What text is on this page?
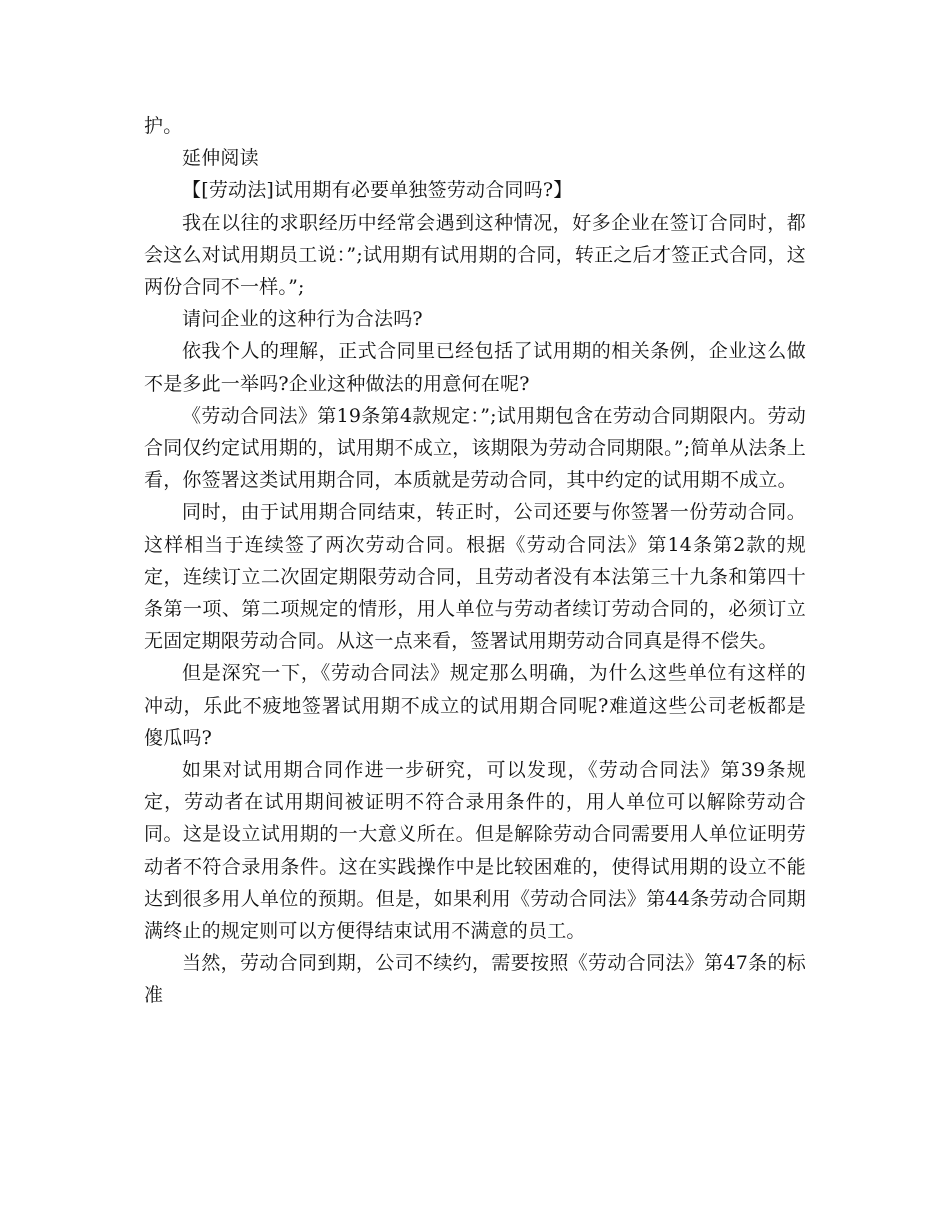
护。

延伸阅读

【[劳动法]试用期有必要单独签劳动合同吗?】

我在以往的求职经历中经常会遇到这种情况，好多企业在签订合同时，都会这么对试用期员工说：”;试用期有试用期的合同，转正之后才签正式合同，这两份合同不一样。”;

请问企业的这种行为合法吗?

依我个人的理解，正式合同里已经包括了试用期的相关条例，企业这么做不是多此一举吗?企业这种做法的用意何在呢?

《劳动合同法》第19条第4款规定：”;试用期包含在劳动合同期限内。劳动合同仅约定试用期的，试用期不成立，该期限为劳动合同期限。”;简单从法条上看，你签署这类试用期合同，本质就是劳动合同，其中约定的试用期不成立。

同时，由于试用期合同结束，转正时，公司还要与你签署一份劳动合同。这样相当于连续签了两次劳动合同。根据《劳动合同法》第14条第2款的规定，连续订立二次固定期限劳动合同，且劳动者没有本法第三十九条和第四十条第一项、第二项规定的情形，用人单位与劳动者续订劳动合同的，必须订立无固定期限劳动合同。从这一点来看，签署试用期劳动合同真是得不偿失。

但是深究一下，《劳动合同法》规定那么明确，为什么这些单位有这样的冲动，乐此不疲地签署试用期不成立的试用期合同呢?难道这些公司老板都是傻瓜吗?

如果对试用期合同作进一步研究，可以发现，《劳动合同法》第39条规定，劳动者在试用期间被证明不符合录用条件的，用人单位可以解除劳动合同。这是设立试用期的一大意义所在。但是解除劳动合同需要用人单位证明劳动者不符合录用条件。这在实践操作中是比较困难的，使得试用期的设立不能达到很多用人单位的预期。但是，如果利用《劳动合同法》第44条劳动合同期满终止的规定则可以方便得结束试用不满意的员工。

当然，劳动合同到期，公司不续约，需要按照《劳动合同法》第47条的标准
